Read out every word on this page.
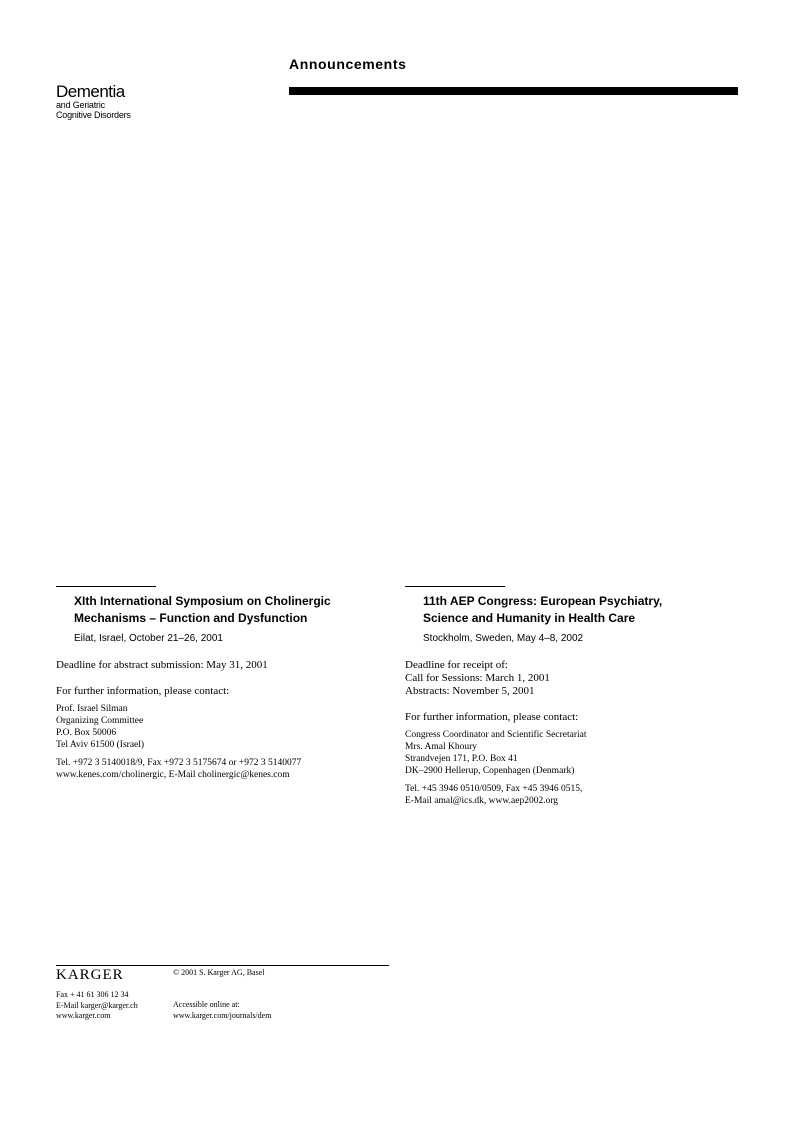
Dementia
and Geriatric
Cognitive Disorders
Announcements
XIth International Symposium on Cholinergic
Mechanisms – Function and Dysfunction
Eilat, Israel, October 21–26, 2001
Deadline for abstract submission: May 31, 2001
For further information, please contact:
Prof. Israel Silman
Organizing Committee
P.O. Box 50006
Tel Aviv 61500 (Israel)
Tel. +972 3 5140018/9, Fax +972 3 5175674 or +972 3 5140077
www.kenes.com/cholinergic, E-Mail cholinergic@kenes.com
11th AEP Congress: European Psychiatry,
Science and Humanity in Health Care
Stockholm, Sweden, May 4–8, 2002
Deadline for receipt of:
Call for Sessions: March 1, 2001
Abstracts: November 5, 2001
For further information, please contact:
Congress Coordinator and Scientific Secretariat
Mrs. Amal Khoury
Strandvejen 171, P.O. Box 41
DK–2900 Hellerup, Copenhagen (Denmark)
Tel. +45 3946 0510/0509, Fax +45 3946 0515,
E-Mail amal@ics.dk, www.aep2002.org
KARGER	© 2001 S. Karger AG, Basel
Fax + 41 61 306 12 34
E-Mail karger@karger.ch
www.karger.com
Accessible online at:
www.karger.com/journals/dem
